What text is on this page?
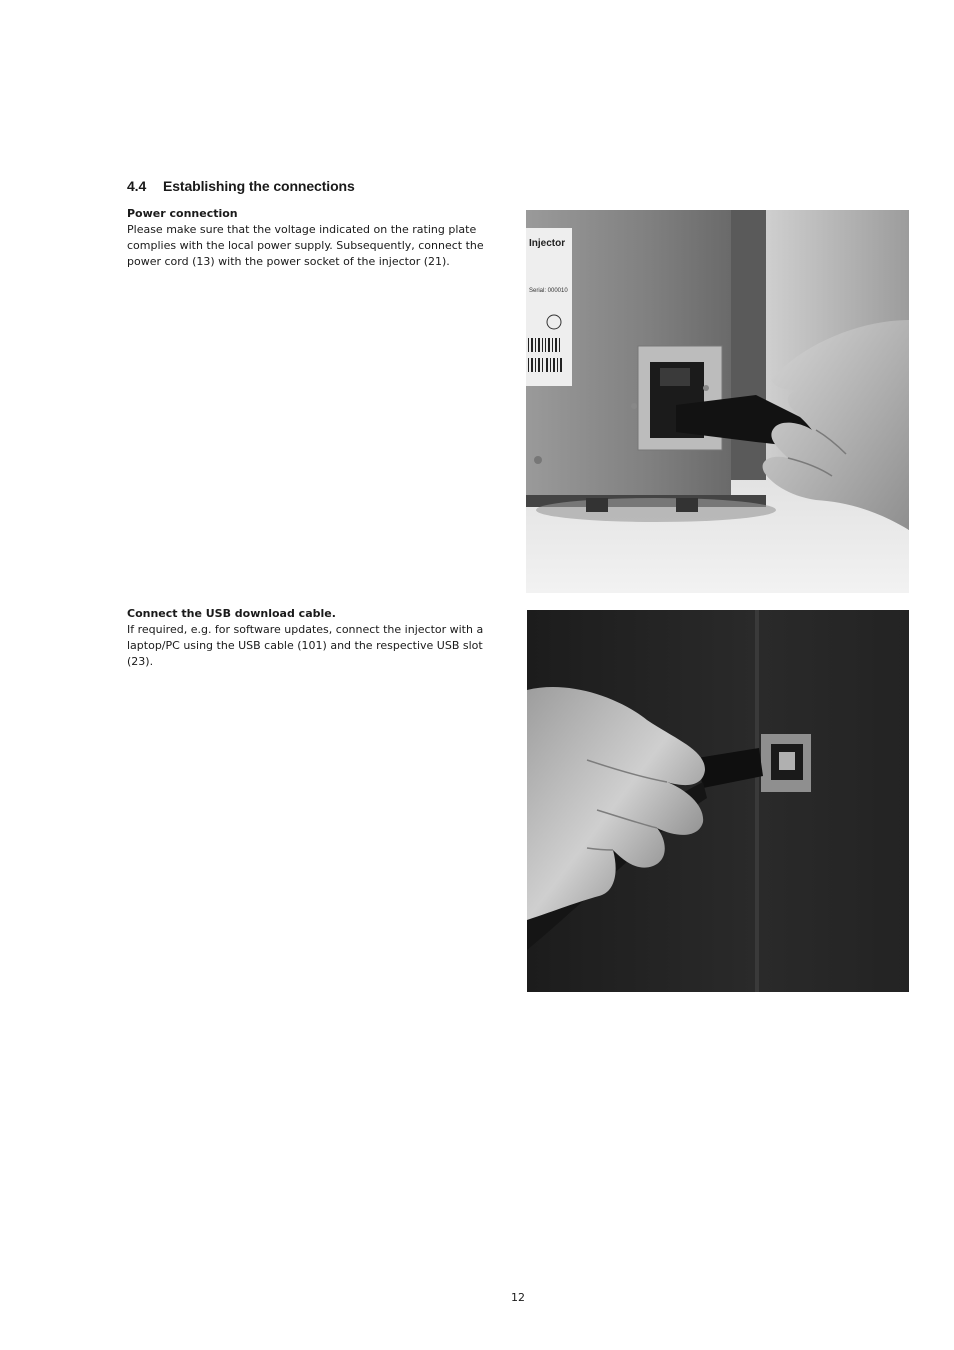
4.4 Establishing the connections
Power connection

Please make sure that the voltage indicated on the rating plate complies with the local power supply. Subsequently, connect the power cord (13) with the power socket of the injector (21).

Injector
Serial: 000010
Connect the USB download cable.

If required, e.g. for software updates, connect the injector with a laptop/PC using the USB cable (101) and the respective USB slot (23).

12
